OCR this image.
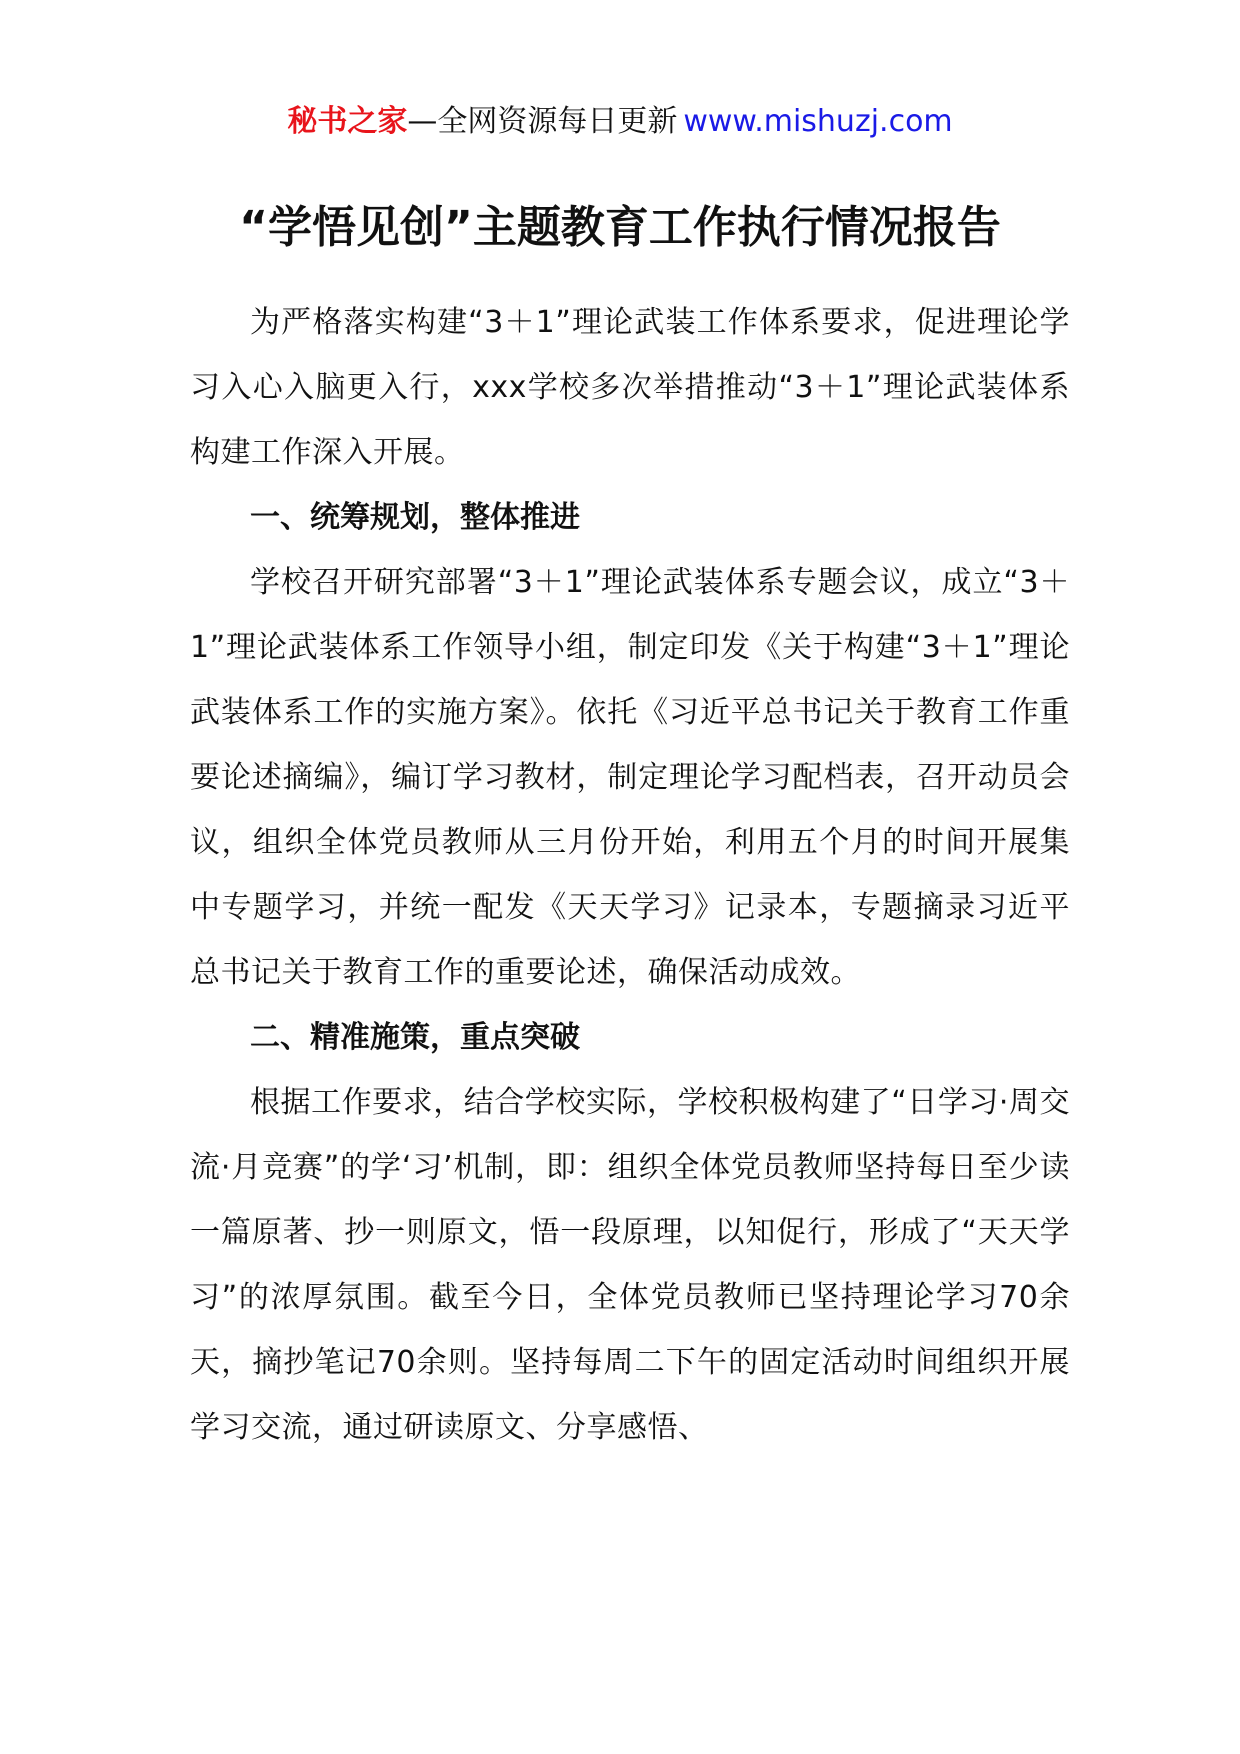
秘书之家—全网资源每日更新 www.mishuzj.com
“学悟见创”主题教育工作执行情况报告

为严格落实构建“3＋1”理论武装工作体系要求，促进理论学习入心入脑更入行，xxx学校多次举措推动“3＋1”理论武装体系构建工作深入开展。

一、统筹规划，整体推进

学校召开研究部署“3＋1”理论武装体系专题会议，成立“3＋1”理论武装体系工作领导小组，制定印发《关于构建“3＋1”理论武装体系工作的实施方案》。依托《习近平总书记关于教育工作重要论述摘编》，编订学习教材，制定理论学习配档表，召开动员会议，组织全体党员教师从三月份开始，利用五个月的时间开展集中专题学习，并统一配发《天天学习》记录本，专题摘录习近平总书记关于教育工作的重要论述，确保活动成效。

二、精准施策，重点突破

根据工作要求，结合学校实际，学校积极构建了“日学习·周交流·月竞赛”的学‘习’机制，即：组织全体党员教师坚持每日至少读一篇原著、抄一则原文，悟一段原理，以知促行，形成了“天天学习”的浓厚氛围。截至今日，全体党员教师已坚持理论学习70余天，摘抄笔记70余则。坚持每周二下午的固定活动时间组织开展学习交流，通过研读原文、分享感悟、
